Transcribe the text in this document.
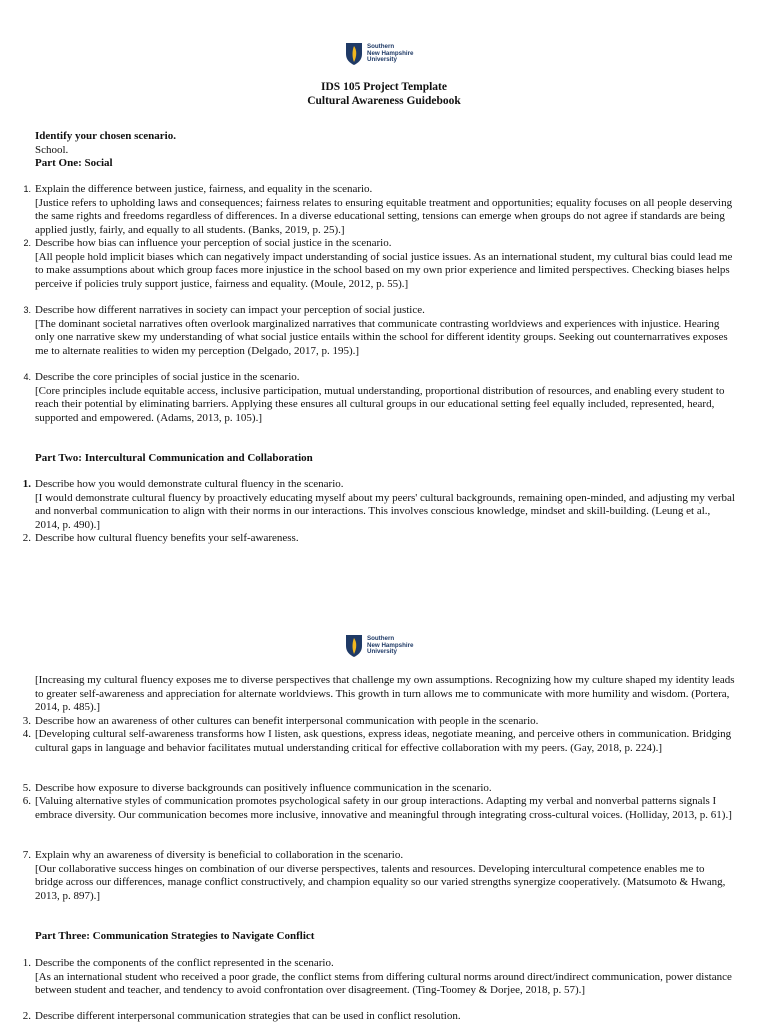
Southern
New Hampshire
University
IDS 105 Project Template
Cultural Awareness Guidebook
Identify your chosen scenario.
School.
Part One: Social
1. Explain the difference between justice, fairness, and equality in the scenario.
[Justice refers to upholding laws and consequences; fairness relates to ensuring equitable treatment and opportunities; equality focuses on all people deserving the same rights and freedoms regardless of differences. In a diverse educational setting, tensions can emerge when groups do not agree if standards are being applied justly, fairly, and equally to all students. (Banks, 2019, p. 25).]
2. Describe how bias can influence your perception of social justice in the scenario.
[All people hold implicit biases which can negatively impact understanding of social justice issues. As an international student, my cultural bias could lead me to make assumptions about which group faces more injustice in the school based on my own prior experience and limited perspectives. Checking biases helps perceive if policies truly support justice, fairness and equality. (Moule, 2012, p. 55).]
3. Describe how different narratives in society can impact your perception of social justice.
[The dominant societal narratives often overlook marginalized narratives that communicate contrasting worldviews and experiences with injustice. Hearing only one narrative skew my understanding of what social justice entails within the school for different identity groups. Seeking out counternarratives exposes me to alternate realities to widen my perception (Delgado, 2017, p. 195).]
4. Describe the core principles of social justice in the scenario.
[Core principles include equitable access, inclusive participation, mutual understanding, proportional distribution of resources, and enabling every student to reach their potential by eliminating barriers. Applying these ensures all cultural groups in our educational setting feel equally included, represented, heard, supported and empowered. (Adams, 2013, p. 105).]
Part Two: Intercultural Communication and Collaboration
1. Describe how you would demonstrate cultural fluency in the scenario.
[I would demonstrate cultural fluency by proactively educating myself about my peers' cultural backgrounds, remaining open-minded, and adjusting my verbal and nonverbal communication to align with their norms in our interactions. This involves conscious knowledge, mindset and skill-building. (Leung et al., 2014, p. 490).]
2. Describe how cultural fluency benefits your self-awareness.
Southern
New Hampshire
University
[Increasing my cultural fluency exposes me to diverse perspectives that challenge my own assumptions. Recognizing how my culture shaped my identity leads to greater self-awareness and appreciation for alternate worldviews. This growth in turn allows me to communicate with more humility and wisdom. (Portera, 2014, p. 485).]
3. Describe how an awareness of other cultures can benefit interpersonal communication with people in the scenario.
4. [Developing cultural self-awareness transforms how I listen, ask questions, express ideas, negotiate meaning, and perceive others in communication. Bridging cultural gaps in language and behavior facilitates mutual understanding critical for effective collaboration with my peers. (Gay, 2018, p. 224).]
5. Describe how exposure to diverse backgrounds can positively influence communication in the scenario.
6. [Valuing alternative styles of communication promotes psychological safety in our group interactions. Adapting my verbal and nonverbal patterns signals I embrace diversity. Our communication becomes more inclusive, innovative and meaningful through integrating cross-cultural voices. (Holliday, 2013, p. 61).]
7. Explain why an awareness of diversity is beneficial to collaboration in the scenario.
[Our collaborative success hinges on combination of our diverse perspectives, talents and resources. Developing intercultural competence enables me to bridge across our differences, manage conflict constructively, and champion equality so our varied strengths synergize cooperatively. (Matsumoto & Hwang, 2013, p. 897).]
Part Three: Communication Strategies to Navigate Conflict
1. Describe the components of the conflict represented in the scenario.
[As an international student who received a poor grade, the conflict stems from differing cultural norms around direct/indirect communication, power distance between student and teacher, and tendency to avoid confrontation over disagreement. (Ting-Toomey & Dorjee, 2018, p. 57).]
2. Describe different interpersonal communication strategies that can be used in conflict resolution.
